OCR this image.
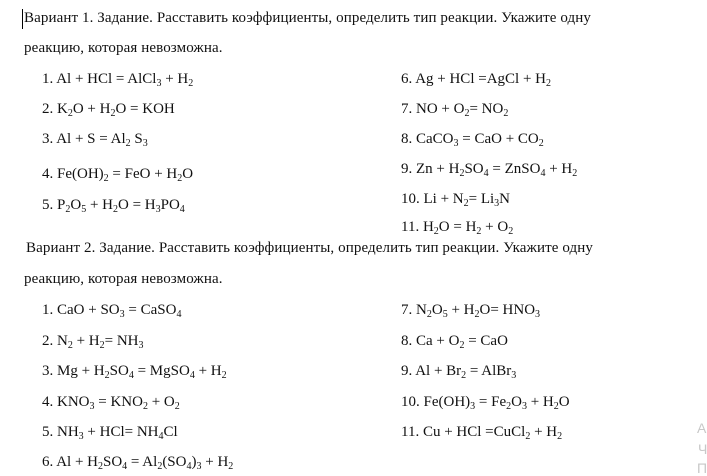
Вариант 1. Задание. Расставить коэффициенты, определить тип реакции. Укажите одну
реакцию, которая невозможна.
1. Al + HCl = AlCl$_3$ + $H_2$
2. $K_2O + H_2O$ = KOH
3. $Al + S = Al_2$ $S_3$
4. $Fe(OH)_2$ = FeO + $H_2O$
5. $P_2O_5 + H_2O = H_3PO_4$
6. Ag + HCl =AgCl + $H_2$
7. NO + $O_2= NO_2$
8. CaCO$_3$ = CaO + $CO_2$
9. $Zn + H_2SO_4$ = ZnSO$_4$ + $H_2$
10. $Li + N_2= Li_3N$
11. $H_2O = H_2 + O_2$
Вариант 2. Задание. Расставить коэффициенты, определить тип реакции. Укажите одну
реакцию, которая невозможна.
1. CaO + $SO_3$ = CaSO$_4$
2. $N_2 + H_2= NH_3$
3. $Mg + H_2SO_4$ = MgSO$_4$ + $H_2$
4. $KNO_3 = KNO_2 + O_2$
5. $NH_3 + HCl= NH_4Cl$
6. $Al + H_2SO_4 = Al_2(SO_4)_3 + H_2$
7. $N_2O_5 + H_2O= HNO_3$
8. $Ca + O_2$ = CaO
9. $Al + Br_2$ = AlBr$_3$
10. $Fe(OH)_3 = Fe_2O_3 + H_2O$
11. Cu + HCl =CuCl$_2$ + $H_2$
А
Ч
П
